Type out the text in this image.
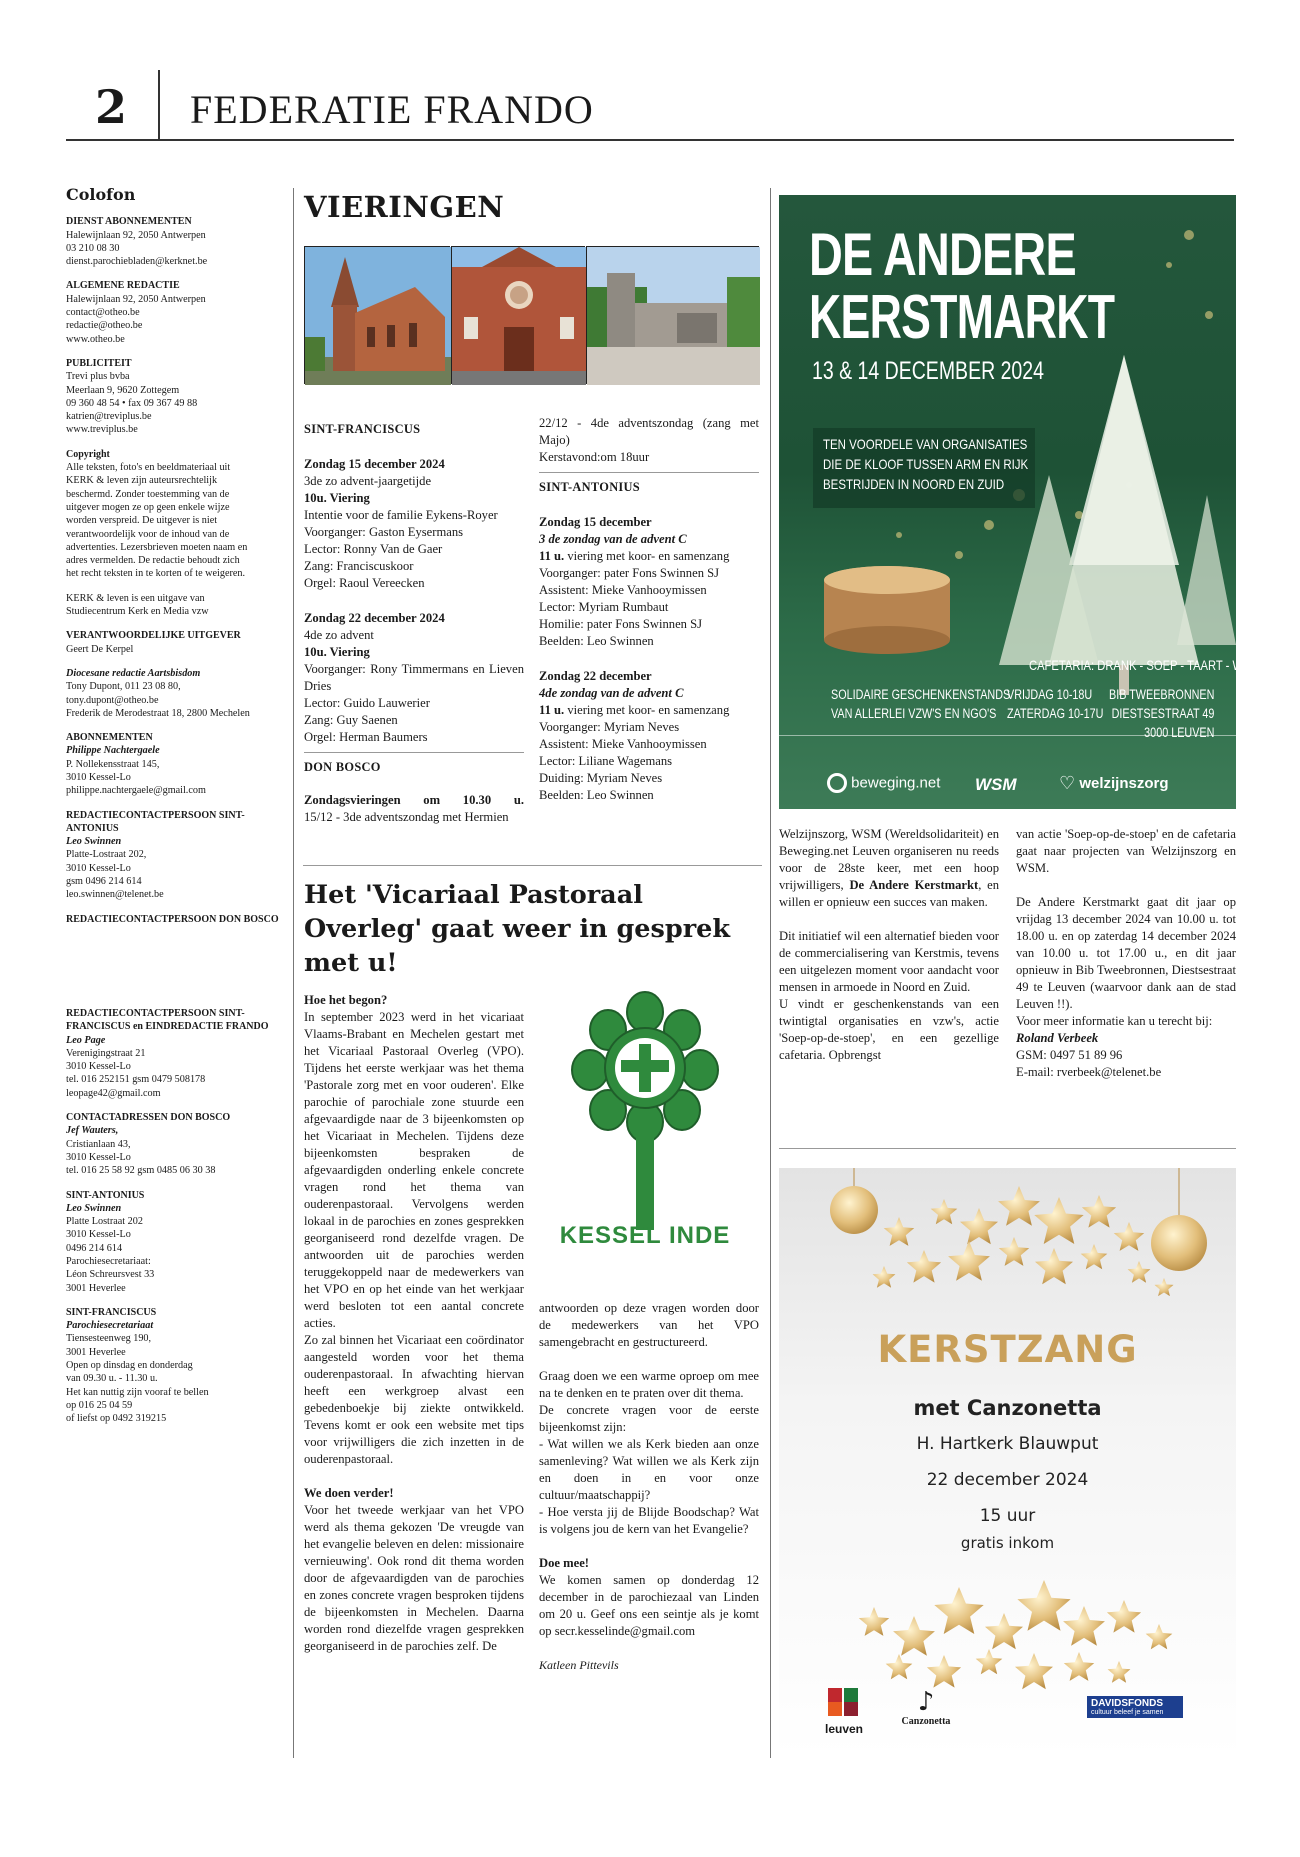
2 FEDERATIE FRANDO
Colofon
DIENST ABONNEMENTEN
Halewijnlaan 92, 2050 Antwerpen
03 210 08 30
dienst.parochiebladen@kerknet.be
ALGEMENE REDACTIE
Halewijnlaan 92, 2050 Antwerpen
contact@otheo.be
redactie@otheo.be
www.otheo.be
PUBLICITEIT
Trevi plus bvba
Meerlaan 9, 9620 Zottegem
09 360 48 54 • fax 09 367 49 88
katrien@treviplus.be
www.treviplus.be
Copyright
Alle teksten, foto's en beeldmateriaal uit
KERK & leven zijn auteursrechtelijk
beschermd. Zonder toestemming van de
uitgever mogen ze op geen enkele wijze
worden verspreid. De uitgever is niet
verantwoordelijk voor de inhoud van de
advertenties. Lezersbrieven moeten naam en
adres vermelden. De redactie behoudt zich
het recht teksten in te korten of te weigeren.
KERK & leven is een uitgave van
Studiecentrum Kerk en Media vzw
VERANTWOORDELIJKE UITGEVER
Geert De Kerpel
Diocesane redactie Aartsbisdom
Tony Dupont, 011 23 08 80,
tony.dupont@otheo.be
Frederik de Merodestraat 18, 2800 Mechelen
ABONNEMENTEN
Philippe Nachtergaele
P. Nollekensstraat 145,
3010 Kessel-Lo
philippe.nachtergaele@gmail.com
REDACTIECONTACTPERSOON SINT-ANTONIUS
Leo Swinnen
Platte-Lostraat 202,
3010 Kessel-Lo
gsm 0496 214 614
leo.swinnen@telenet.be
REDACTIECONTACTPERSOON DON BOSCO
REDACTIECONTACTPERSOON SINT-FRANCISCUS en EINDREDACTIE FRANDO
Leo Page
Verenigingstraat 21
3010 Kessel-Lo
tel. 016 252151 gsm 0479 508178
leopage42@gmail.com
CONTACTADRESSEN DON BOSCO
Jef Wauters,
Cristianlaan 43,
3010 Kessel-Lo
tel. 016 25 58 92 gsm 0485 06 30 38
SINT-ANTONIUS
Leo Swinnen
Platte Lostraat 202
3010 Kessel-Lo
0496 214 614
Parochiesecretariaat:
Léon Schreursvest 33
3001 Heverlee
SINT-FRANCISCUS
Parochiesecretariaat
Tiensesteenweg 190,
3001 Heverlee
Open op dinsdag en donderdag
van 09.30 u. - 11.30 u.
Het kan nuttig zijn vooraf te bellen
op 016 25 04 59
of liefst op 0492 319215
VIERINGEN

SINT-FRANCISCUS

Zondag 15 december 2024

3de zo advent-jaargetijde

10u. Viering

Intentie voor de familie Eykens-Royer

Voorganger: Gaston Eysermans

Lector: Ronny Van de Gaer

Zang: Franciscuskoor

Orgel: Raoul Vereecken

Zondag 22 december 2024

4de zo advent

10u. Viering

Voorganger: Rony Timmermans en Lieven Dries

Lector: Guido Lauwerier

Zang: Guy Saenen

Orgel: Herman Baumers

DON BOSCO

Zondagsvieringen om 10.30 u.

15/12 - 3de adventszondag met Hermien

22/12 - 4de adventszondag (zang met Majo)

Kerstavond:om 18uur

SINT-ANTONIUS

Zondag 15 december

3 de zondag van de advent C

11 u. viering met koor- en samenzang

Voorganger: pater Fons Swinnen SJ

Assistent: Mieke Vanhooymissen

Lector: Myriam Rumbaut

Homilie: pater Fons Swinnen SJ

Beelden: Leo Swinnen

Zondag 22 december

4de zondag van de advent C

11 u. viering met koor- en samenzang

Voorganger: Myriam Neves

Assistent: Mieke Vanhooymissen

Lector: Liliane Wagemans

Duiding: Myriam Neves

Beelden: Leo Swinnen

Het 'Vicariaal Pastoraal Overleg' gaat weer in gesprek met u!

Hoe het begon?

In september 2023 werd in het vicariaat Vlaams-Brabant en Mechelen gestart met het Vicariaal Pastoraal Overleg (VPO). Tijdens het eerste werkjaar was het thema 'Pastorale zorg met en voor ouderen'. Elke parochie of parochiale zone stuurde een afgevaardigde naar de 3 bijeenkomsten op het Vicariaat in Mechelen. Tijdens deze bijeenkomsten bespraken de afgevaardigden onderling enkele concrete vragen rond het thema van ouderenpastoraal. Vervolgens werden lokaal in de parochies en zones gesprekken georganiseerd rond dezelfde vragen. De antwoorden uit de parochies werden teruggekoppeld naar de medewerkers van het VPO en op het einde van het werkjaar werd besloten tot een aantal concrete acties.

Zo zal binnen het Vicariaat een coördinator aangesteld worden voor het thema ouderenpastoraal. In afwachting hiervan heeft een werkgroep alvast een gebedenboekje bij ziekte ontwikkeld. Tevens komt er ook een website met tips voor vrijwilligers die zich inzetten in de ouderenpastoraal.

We doen verder!

Voor het tweede werkjaar van het VPO werd als thema gekozen 'De vreugde van het evangelie beleven en delen: missionaire vernieuwing'. Ook rond dit thema worden door de afgevaardigden van de parochies en zones concrete vragen besproken tijdens de bijeenkomsten in Mechelen. Daarna worden rond diezelfde vragen gesprekken georganiseerd in de parochies zelf. De

KESSEL INDE

antwoorden op deze vragen worden door de medewerkers van het VPO samengebracht en gestructureerd.

Graag doen we een warme oproep om mee na te denken en te praten over dit thema.

De concrete vragen voor de eerste bijeenkomst zijn:

- Wat willen we als Kerk bieden aan onze samenleving? Wat willen we als Kerk zijn en doen in en voor onze cultuur/maatschappij?

- Hoe versta jij de Blijde Boodschap? Wat is volgens jou de kern van het Evangelie?

Doe mee!

We komen samen op donderdag 12 december in de parochiezaal van Linden om 20 u. Geef ons een seintje als je komt op secr.kesselinde@gmail.com

Katleen Pittevils

DE ANDERE
KERSTMARKT
13 & 14 DECEMBER 2024
TEN VOORDELE VAN ORGANISATIES
DIE DE KLOOF TUSSEN ARM EN RIJK
BESTRIJDEN IN NOORD EN ZUID
CAFETARIA: DRANK - SOEP - TAART - WAFELS
SOLIDAIRE GESCHENKENSTANDS
VAN ALLERLEI VZW'S EN NGO'S
VRIJDAG 10-18U
ZATERDAG 10-17U
BIB TWEEBRONNEN
DIESTSESTRAAT 49
3000 LEUVEN
beweging.net WSM ♡ welzijnszorg

Welzijnszorg, WSM (Wereldsolidariteit) en Beweging.net Leuven organiseren nu reeds voor de 28ste keer, met een hoop vrijwilligers, De Andere Kerstmarkt, en willen er opnieuw een succes van maken.

Dit initiatief wil een alternatief bieden voor de commercialisering van Kerstmis, tevens een uitgelezen moment voor aandacht voor mensen in armoede in Noord en Zuid.

U vindt er geschenkenstands van een twintigtal organisaties en vzw's, actie 'Soep-op-de-stoep', en een gezellige cafetaria. Opbrengst

van actie 'Soep-op-de-stoep' en de cafetaria gaat naar projecten van Welzijnszorg en WSM.

De Andere Kerstmarkt gaat dit jaar op vrijdag 13 december 2024 van 10.00 u. tot 18.00 u. en op zaterdag 14 december 2024 van 10.00 u. tot 17.00 u., en dit jaar opnieuw in Bib Tweebronnen, Diestsestraat 49 te Leuven (waarvoor dank aan de stad Leuven !!).

Voor meer informatie kan u terecht bij:

Roland Verbeek

GSM: 0497 51 89 96

E-mail: rverbeek@telenet.be

KERSTZANG
met Canzonetta
H. Hartkerk Blauwput
22 december 2024
15 uur
gratis inkom
leuven
♪
Canzonetta
DAVIDSFONDS
cultuur beleef je samen
